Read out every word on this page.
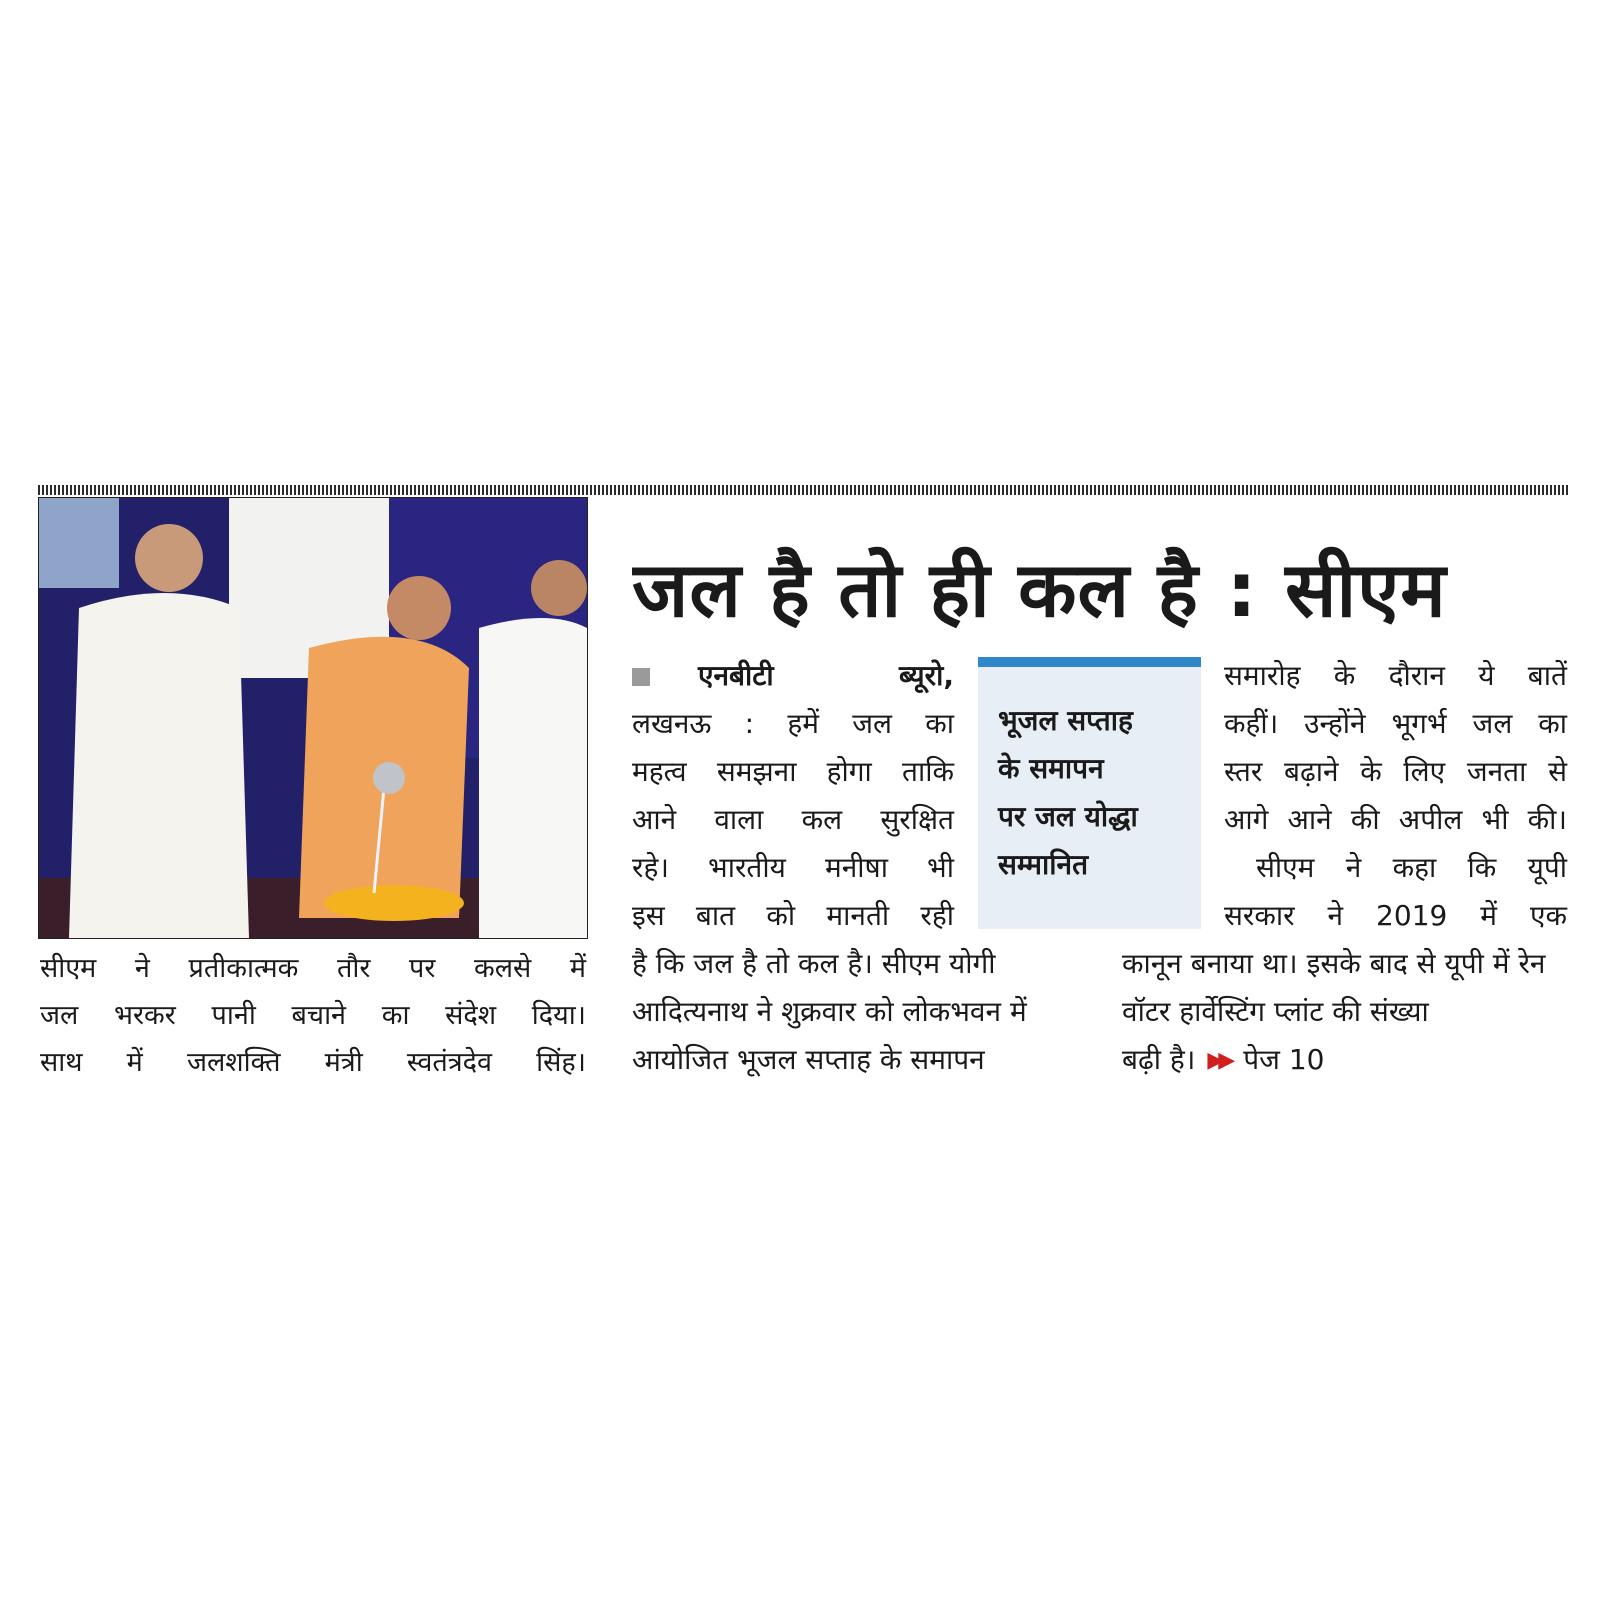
सीएम ने प्रतीकात्मक तौर पर कलसे में
जल भरकर पानी बचाने का संदेश दिया।
साथ में जलशक्ति मंत्री स्वतंत्रदेव सिंह।
जल है तो ही कल है : सीएम
एनबीटी ब्यूरो,
लखनऊ : हमें जल का
महत्व समझना होगा ताकि
आने वाला कल सुरक्षित
रहे। भारतीय मनीषा भी
इस बात को मानती रही
भूजल सप्ताह
के समापन
पर जल योद्धा
सम्मानित
समारोह के दौरान ये बातें
कहीं। उन्होंने भूगर्भ जल का
स्तर बढ़ाने के लिए जनता से
आगे आने की अपील भी की।
सीएम ने कहा कि यूपी
सरकार ने 2019 में एक
है कि जल है तो कल है। सीएम योगी आदित्यनाथ ने शुक्रवार को लोकभवन में आयोजित भूजल सप्ताह के समापन
कानून बनाया था। इसके बाद से यूपी में रेन वॉटर हार्वेस्टिंग प्लांट की संख्या
बढ़ी है। ▶▶ पेज 10
